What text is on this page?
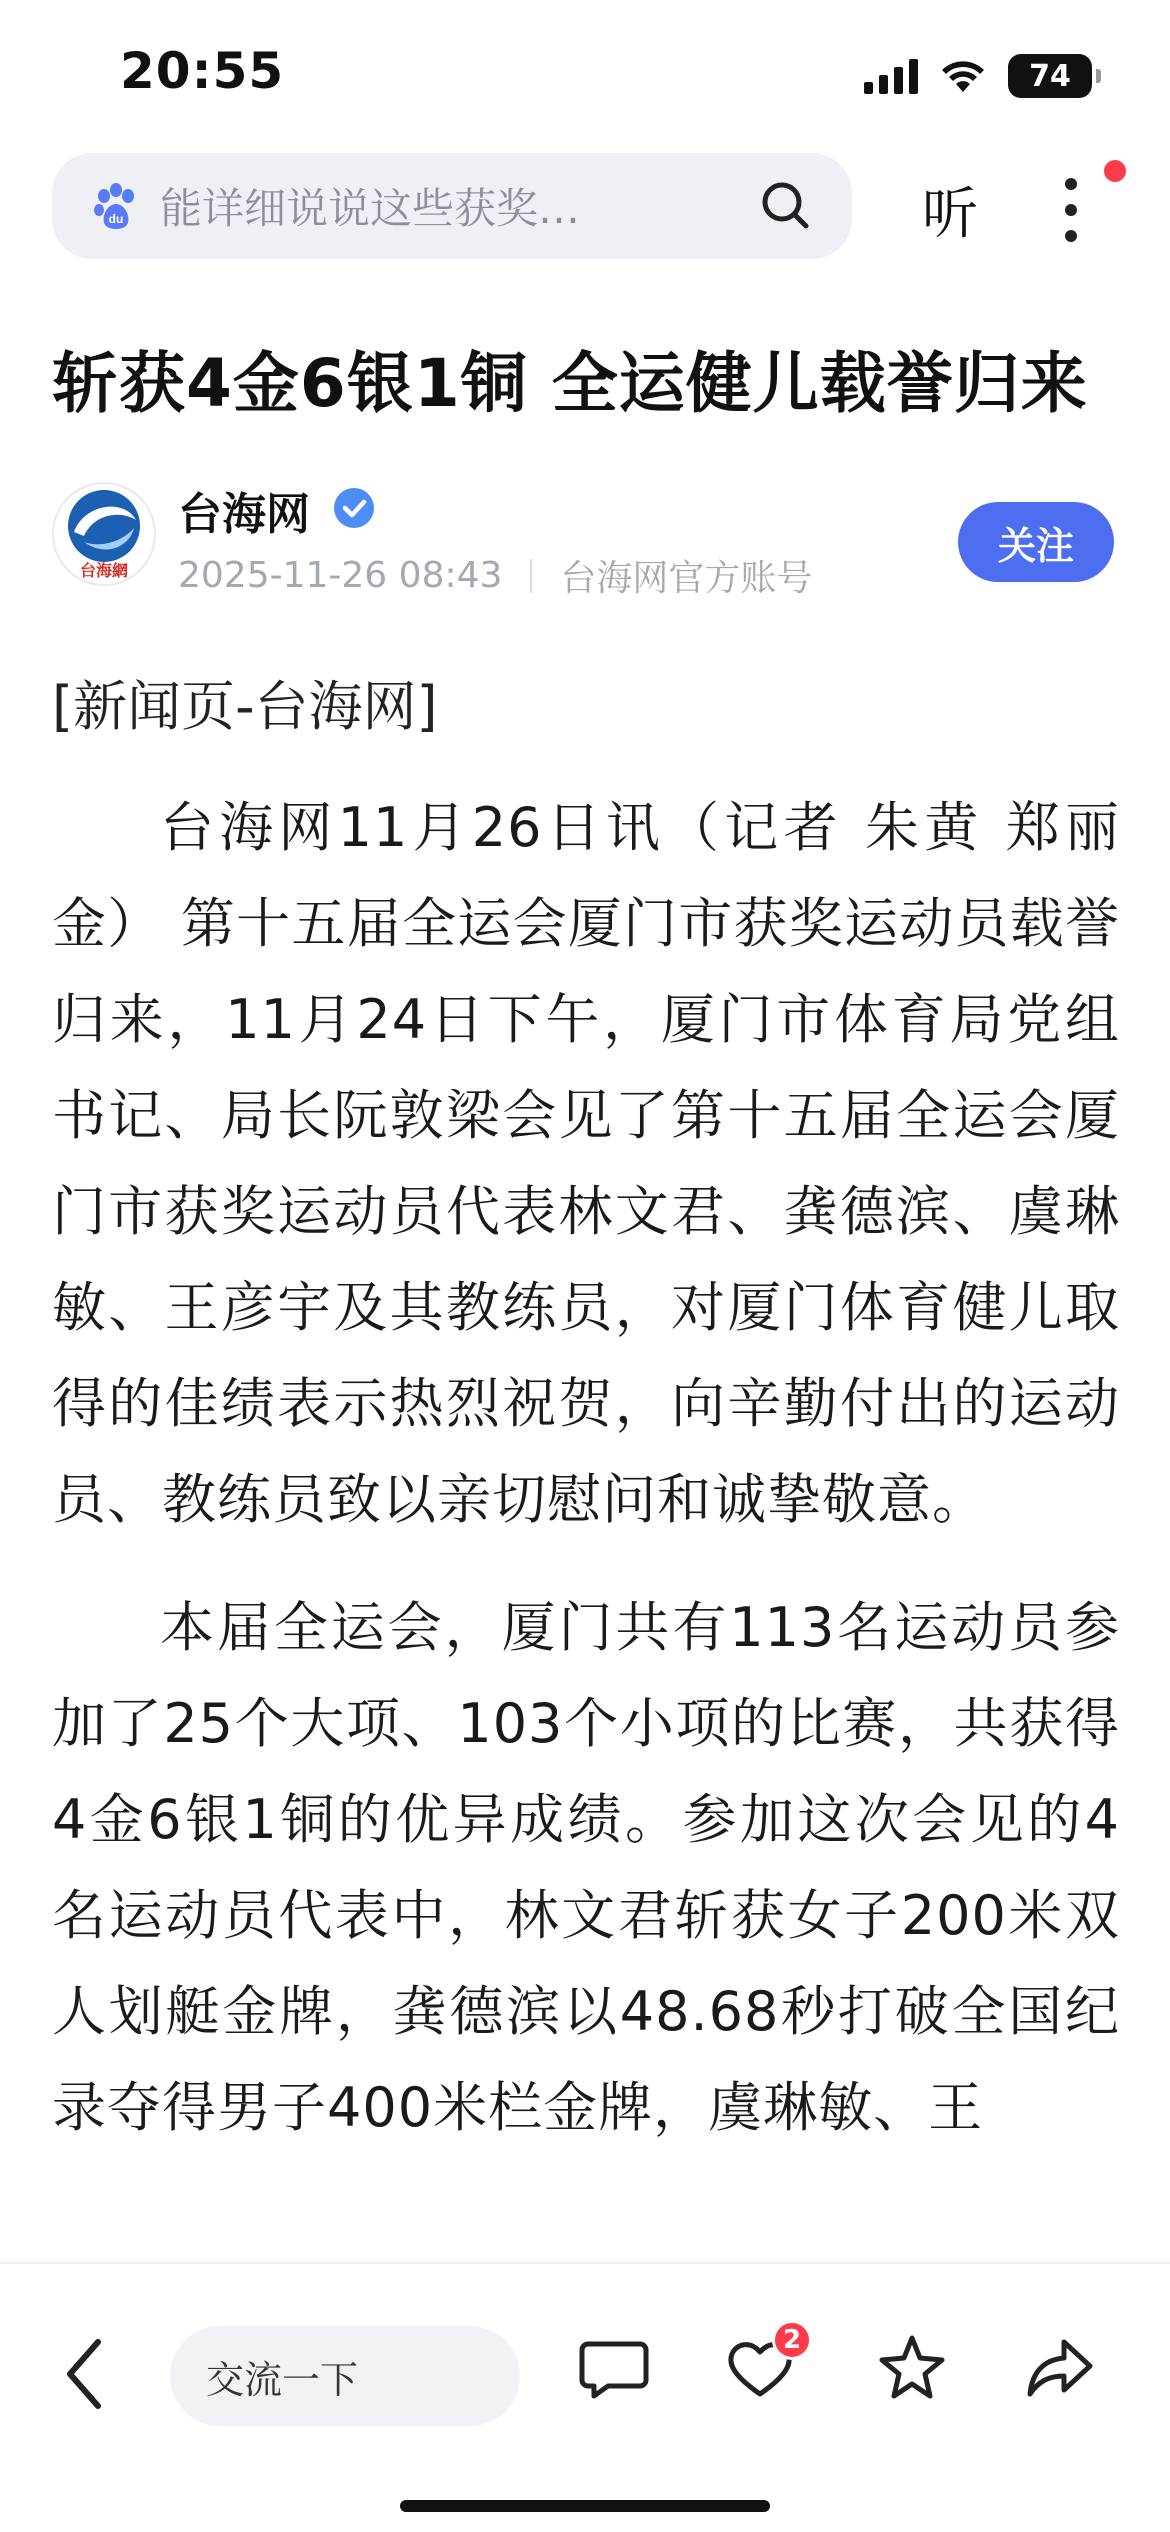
20:55	74
du 能详细说说这些获奖…	听
斩获4金6银1铜 全运健儿载誉归来
台海網
台海网
2025-11-26 08:43 台海网官方账号
关注
[新闻页-台海网]

台海网11月26日讯（记者 朱黄 郑丽金） 第十五届全运会厦门市获奖运动员载誉归来，11月24日下午，厦门市体育局党组书记、局长阮敦梁会见了第十五届全运会厦门市获奖运动员代表林文君、龚德滨、虞琳敏、王彦宇及其教练员，对厦门体育健儿取得的佳绩表示热烈祝贺，向辛勤付出的运动员、教练员致以亲切慰问和诚挚敬意。

本届全运会，厦门共有113名运动员参加了25个大项、103个小项的比赛，共获得4金6银1铜的优异成绩。参加这次会见的4名运动员代表中，林文君斩获女子200米双人划艇金牌，龚德滨以48.68秒打破全国纪录夺得男子400米栏金牌，虞琳敏、王

交流一下
2
